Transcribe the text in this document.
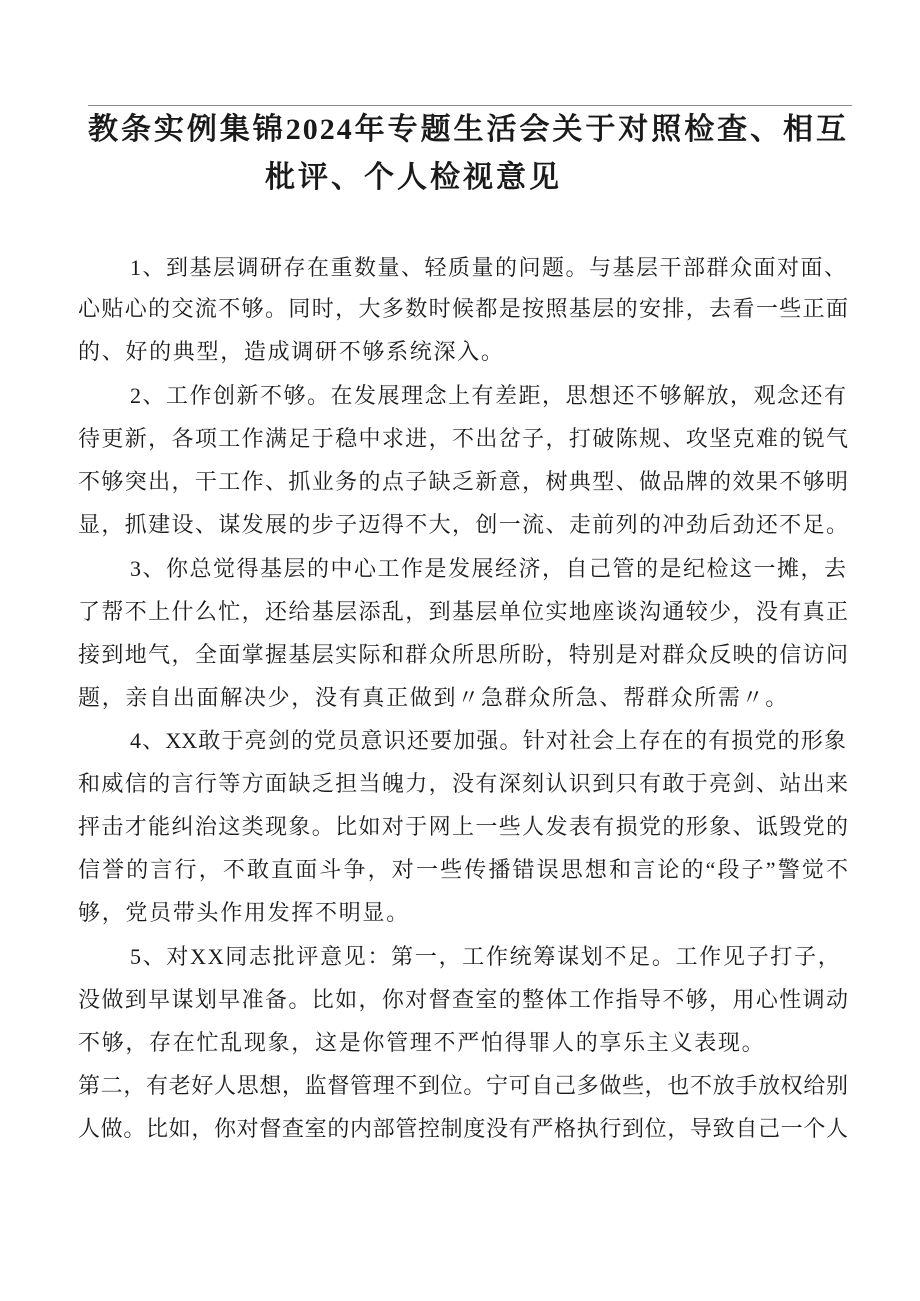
教条实例集锦2024年专题生活会关于对照检查、相互
枇评、个人检视意见
1、到基层调研存在重数量、轻质量的问题。与基层干部群众面对面、
心贴心的交流不够。同时，大多数时候都是按照基层的安排，去看一些正面
的、好的典型，造成调研不够系统深入。
2、工作创新不够。在发展理念上有差距，思想还不够解放，观念还有
待更新，各项工作满足于稳中求进，不出岔子，打破陈规、攻坚克难的锐气
不够突出，干工作、抓业务的点子缺乏新意，树典型、做品牌的效果不够明
显，抓建设、谋发展的步子迈得不大，创一流、走前列的冲劲后劲还不足。
3、你总觉得基层的中心工作是发展经济，自己管的是纪检这一摊，去
了帮不上什么忙，还给基层添乱，到基层单位实地座谈沟通较少，没有真正
接到地气，全面掌握基层实际和群众所思所盼，特别是对群众反映的信访问
题，亲自出面解决少，没有真正做到〃急群众所急、帮群众所需〃。
4、XX敢于亮剑的党员意识还要加强。针对社会上存在的有损党的形象
和威信的言行等方面缺乏担当魄力，没有深刻认识到只有敢于亮剑、站出来
抨击才能纠治这类现象。比如对于网上一些人发表有损党的形象、诋毁党的
信誉的言行，不敢直面斗争，对一些传播错误思想和言论的“段子”警觉不
够，党员带头作用发挥不明显。
5、对XX同志批评意见：第一，工作统筹谋划不足。工作见子打子，
没做到早谋划早准备。比如，你对督查室的整体工作指导不够，用心性调动
不够，存在忙乱现象，这是你管理不严怕得罪人的享乐主义表现。
第二，有老好人思想，监督管理不到位。宁可自己多做些，也不放手放权给别
人做。比如，你对督查室的内部管控制度没有严格执行到位，导致自己一个人
